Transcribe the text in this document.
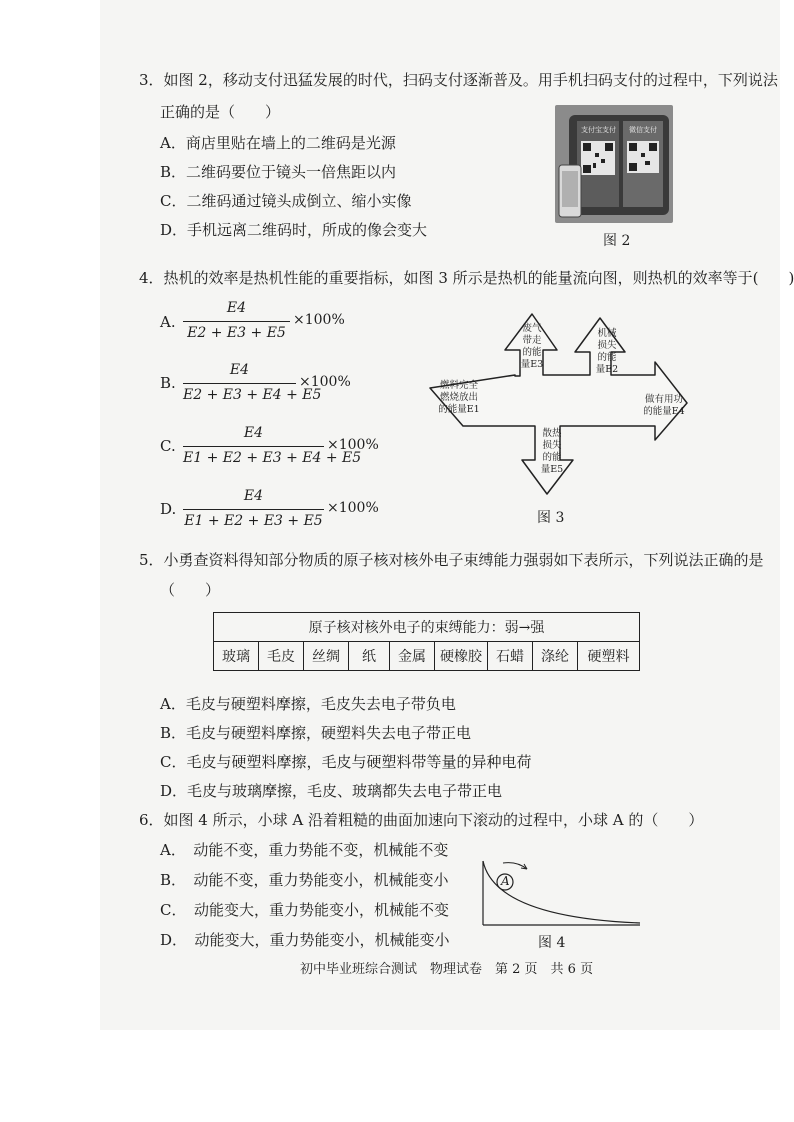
3．如图 2，移动支付迅猛发展的时代，扫码支付逐渐普及。用手机扫码支付的过程中，下列说法
正确的是（　　）
A．商店里贴在墙上的二维码是光源
B．二维码要位于镜头一倍焦距以内
C．二维码通过镜头成倒立、缩小实像
D．手机远离二维码时，所成的像会变大
支付宝支付 微信支付
图 2
4．热机的效率是热机性能的重要指标，如图 3 所示是热机的能量流向图，则热机的效率等于(　　)
A.
E4
E2 + E3 + E5
×100%
B.
E4
E2 + E3 + E4 + E5
×100%
C.
E4
E1 + E2 + E3 + E4 + E5
×100%
D.
E4
E1 + E2 + E3 + E5
×100%
燃料完全
燃烧放出
的能量E1
废气
带走
的能
量E3
机械
损失
的能
量E2
做有用功
的能量E4
散热
损失
的能
量E5
图 3
5．小勇查资料得知部分物质的原子核对核外电子束缚能力强弱如下表所示，下列说法正确的是
（　　）
原子核对核外电子的束缚能力：弱→强
玻璃	毛皮	丝绸	纸	金属	硬橡胶	石蜡	涤纶	硬塑料
A．毛皮与硬塑料摩擦，毛皮失去电子带负电
B．毛皮与硬塑料摩擦，硬塑料失去电子带正电
C．毛皮与硬塑料摩擦，毛皮与硬塑料带等量的异种电荷
D．毛皮与玻璃摩擦，毛皮、玻璃都失去电子带正电
6．如图 4 所示，小球 A 沿着粗糙的曲面加速向下滚动的过程中，小球 A 的（　　）
A．　动能不变，重力势能不变，机械能不变
B．　动能不变，重力势能变小，机械能变小
C．　动能变大，重力势能变小，机械能不变
D．　动能变大，重力势能变小，机械能变小
A
图 4
初中毕业班综合测试　物理试卷　第 2 页　共 6 页
